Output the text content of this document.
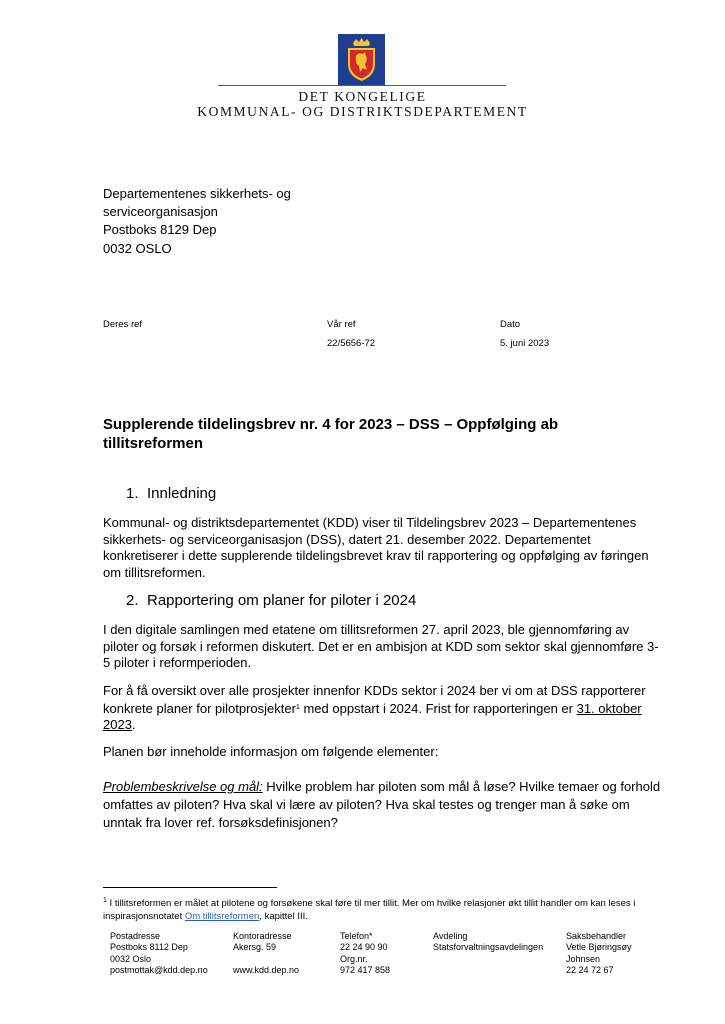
DET KONGELIGE
KOMMUNAL- OG DISTRIKTSDEPARTEMENT
Departementenes sikkerhets- og
serviceorganisasjon
Postboks 8129 Dep
0032 OSLO
Deres ref	Vår ref
22/5656-72
Dato
5. juni 2023
Supplerende tildelingsbrev nr. 4 for 2023 – DSS – Oppfølging ab tillitsreformen
1. Innledning

Kommunal- og distriktsdepartementet (KDD) viser til Tildelingsbrev 2023 – Departementenes sikkerhets- og serviceorganisasjon (DSS), datert 21. desember 2022. Departementet konkretiserer i dette supplerende tildelingsbrevet krav til rapportering og oppfølging av føringen om tillitsreformen.

2. Rapportering om planer for piloter i 2024

I den digitale samlingen med etatene om tillitsreformen 27. april 2023, ble gjennomføring av piloter og forsøk i reformen diskutert. Det er en ambisjon at KDD som sektor skal gjennomføre 3-5 piloter i reformperioden.

For å få oversikt over alle prosjekter innenfor KDDs sektor i 2024 ber vi om at DSS rapporterer konkrete planer for pilotprosjekter$^1$ med oppstart i 2024. Frist for rapporteringen er 31. oktober 2023.

Planen bør inneholde informasjon om følgende elementer:

Problembeskrivelse og mål: Hvilke problem har piloten som mål å løse? Hvilke temaer og forhold omfattes av piloten? Hva skal vi lære av piloten? Hva skal testes og trenger man å søke om unntak fra lover ref. forsøksdefinisjonen?

$^1$ I tillitsreformen er målet at pilotene og forsøkene skal føre til mer tillit. Mer om hvilke relasjoner økt tillit handler om kan leses i inspirasjonsnotatet Om tillitsreformen, kapittel III.
Postadresse
Postboks 8112 Dep
0032 Oslo
postmottak@kdd.dep.no
Kontoradresse
Akersg. 59
www.kdd.dep.no
Telefon*
22 24 90 90
Org.nr.
972 417 858
Avdeling
Statsforvaltningsavdelingen
Saksbehandler
Vetle Bjøringsøy
Johnsen
22 24 72 67
